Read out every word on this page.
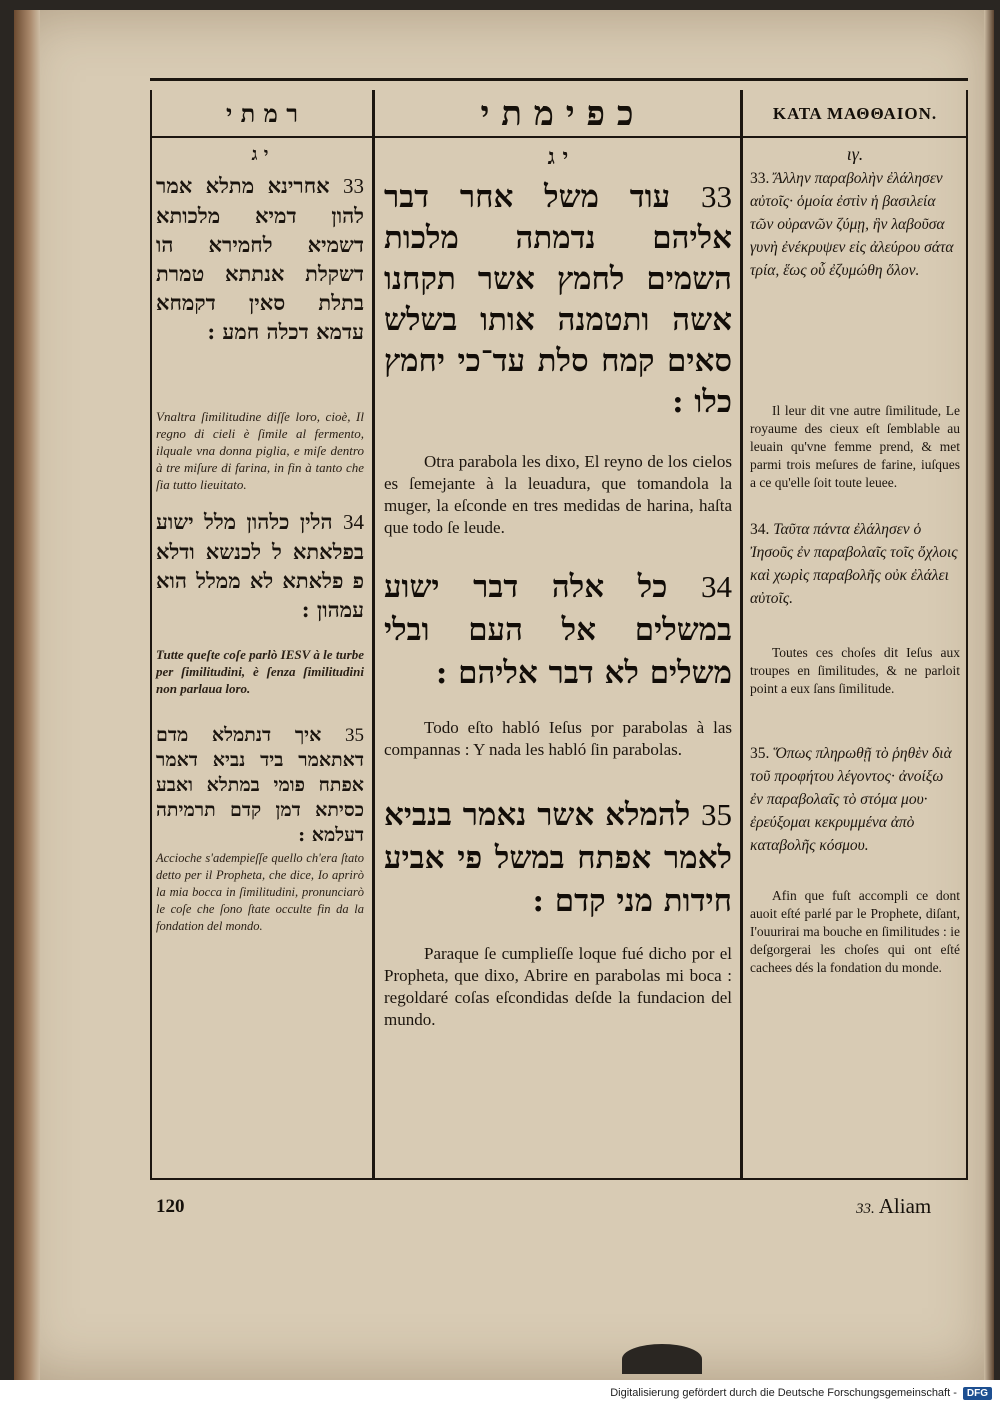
ר מ ת י	כ פ י מ ת י	ΚΑΤΑ ΜΑΘΘΑΙΟΝ.
י ג
33 אחרינא מתלא אמר להון דמיא מלכותא דשמיא לחמירא הו דשקלת אנתתא טמרת בתלת סאין דקמחא עדמא דכלה חמע :
Vnaltra ſimilitudine diſſe loro, cioè, Il regno di cieli è ſimile al fermento, ilquale vna donna piglia, e miſe dentro à tre miſure di farina, in fin à tanto che ſia tutto lieuitato.
34 הלין כלהון מלל ישוע בפלאתא ל לכנשא ודלא פ פלאתא לא ממלל הוא עמהון :
Tutte queſte coſe parlò IESV à le turbe per ſimilitudini, è ſenza ſimilitudini non parlaua loro.
35 איך דנתמלא מדם דאתאמר ביד נביא דאמר אפתח פומי במתלא ואבע כסיתא דמן קדם תרמיתה דעלמא :
Accioche s'adempieſſe quello ch'era ſtato detto per il Propheta, che dice, Io aprirò la mia bocca in ſimilitudini, pronunciarò le coſe che ſono ſtate occulte fin da la fondation del mondo.
י ג
33 עוד משל אחר דבר אליהם נדמתה מלכות השמים לחמץ אשר תקחנו אשה ותטמנה אותו בשלש סאים קמח סלת עד־כי יחמץ כלו :
Otra parabola les dixo, El reyno de los cielos es ſemejante à la leuadura, que tomandola la muger, la eſconde en tres medidas de harina, haſta que todo ſe leude.
34 כל אלה דבר ישוע במשלים אל העם ובלי משלים לא דבר אליהם :
Todo eſto habló Ieſus por parabolas à las compannas : Y nada les habló ſin parabolas.
35 להמלא אשר נאמר בנביא לאמר אפתח במשל פי אביע חידות מני קדם :
Paraque ſe cumplieſſe loque fué dicho por el Propheta, que dixo, Abrire en parabolas mi boca : regoldaré coſas eſcondidas deſde la fundacion del mundo.
ιγ.
33. Ἄλλην παραβολὴν ἐλάλησεν αὐτοῖς· ὁμοία ἐστὶν ἡ βασιλεία τῶν οὐρανῶν ζύμῃ, ἣν λαβοῦσα γυνὴ ἐνέκρυψεν εἰς ἀλεύρου σάτα τρία, ἕως οὗ ἐζυμώθη ὅλον.
Il leur dit vne autre ſimilitude, Le royaume des cieux eſt ſemblable au leuain qu'vne femme prend, & met parmi trois meſures de farine, iuſques a ce qu'elle ſoit toute leuee.
34. Ταῦτα πάντα ἐλάλησεν ὁ Ἰησοῦς ἐν παραβολαῖς τοῖς ὄχλοις καὶ χωρὶς παραβολῆς οὐκ ἐλάλει αὐτοῖς.
Toutes ces choſes dit Ieſus aux troupes en ſimilitudes, & ne parloit point a eux ſans ſimilitude.
35. Ὅπως πληρωθῇ τὸ ῥηθὲν διὰ τοῦ προφήτου λέγοντος· ἀνοίξω ἐν παραβολαῖς τὸ στόμα μου· ἐρεύξομαι κεκρυμμένα ἀπὸ καταβολῆς κόσμου.
Afin que fuſt accompli ce dont auoit eſté parlé par le Prophete, diſant, I'ouurirai ma bouche en ſimilitudes : ie deſgorgerai les choſes qui ont eſté cachees dés la fondation du monde.
120	33. Aliam
Digitalisierung gefördert durch die Deutsche Forschungsgemeinschaft -	DFG
